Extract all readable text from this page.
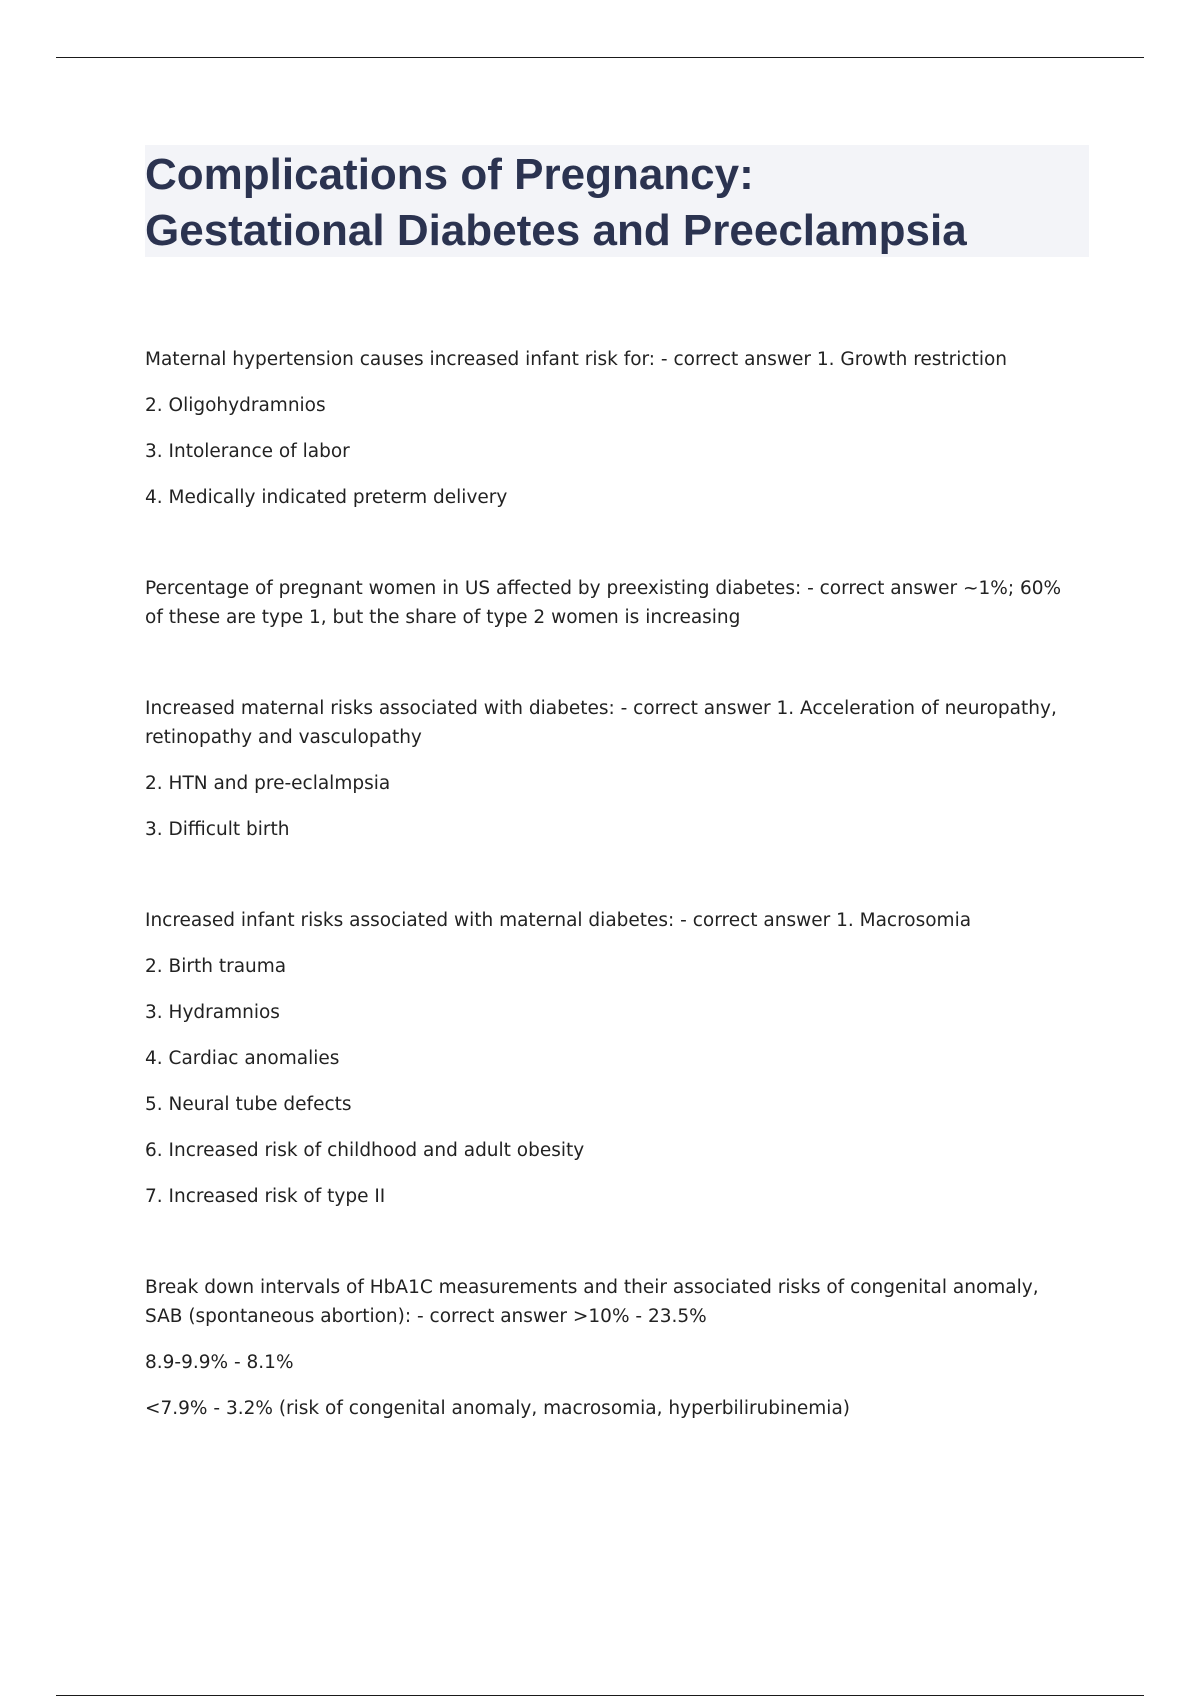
Complications of Pregnancy:
Gestational Diabetes and Preeclampsia

Maternal hypertension causes increased infant risk for: - correct answer 1. Growth restriction

2. Oligohydramnios

3. Intolerance of labor

4. Medically indicated preterm delivery

Percentage of pregnant women in US affected by preexisting diabetes: - correct answer ~1%; 60% of these are type 1, but the share of type 2 women is increasing

Increased maternal risks associated with diabetes: - correct answer 1. Acceleration of neuropathy, retinopathy and vasculopathy

2. HTN and pre-eclalmpsia

3. Difficult birth

Increased infant risks associated with maternal diabetes: - correct answer 1. Macrosomia

2. Birth trauma

3. Hydramnios

4. Cardiac anomalies

5. Neural tube defects

6. Increased risk of childhood and adult obesity

7. Increased risk of type II

Break down intervals of HbA1C measurements and their associated risks of congenital anomaly, SAB (spontaneous abortion): - correct answer >10% - 23.5%

8.9-9.9% - 8.1%

<7.9% - 3.2% (risk of congenital anomaly, macrosomia, hyperbilirubinemia)
